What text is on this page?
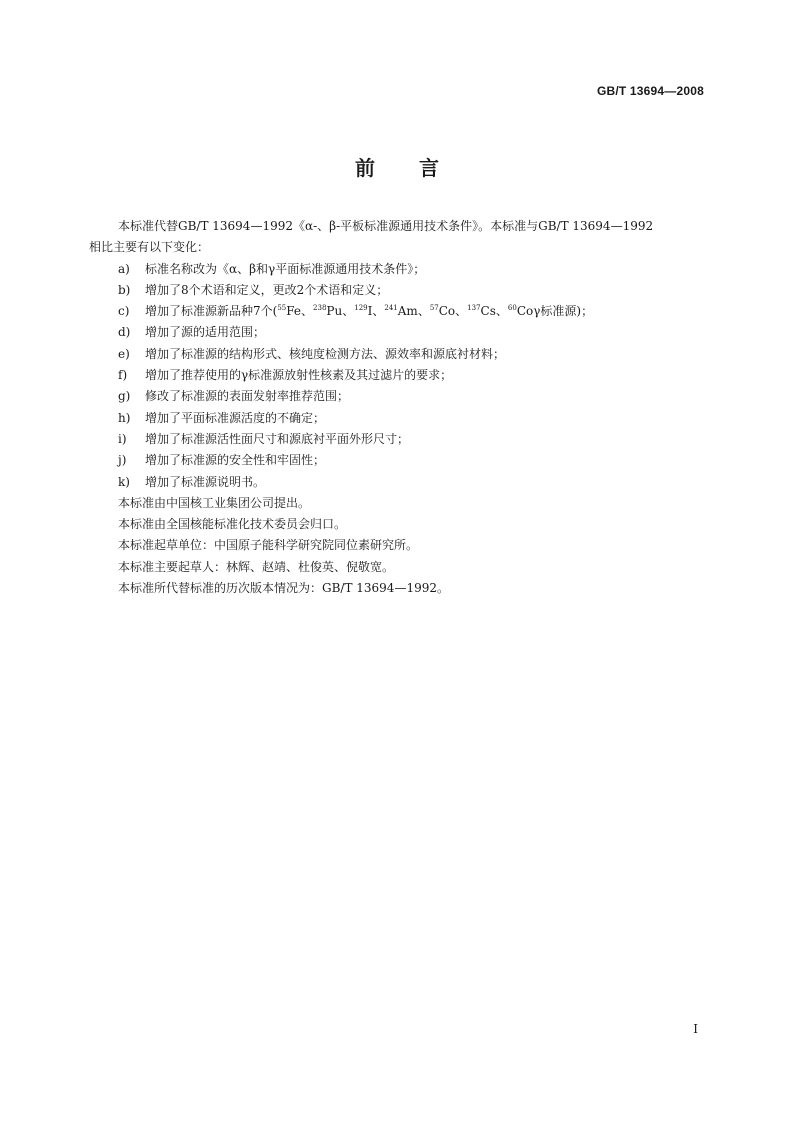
GB/T 13694—2008
前 言

本标准代替GB/T 13694—1992《α-、β-平板标准源通用技术条件》。本标准与GB/T 13694—1992

相比主要有以下变化：

a) 标准名称改为《α、β和γ平面标准源通用技术条件》；

b) 增加了8个术语和定义，更改2个术语和定义；

c) 增加了标准源新品种7个($^{55}$Fe、$^{238}$Pu、$^{129}$I、$^{241}$Am、$^{57}$Co、$^{137}$Cs、$^{60}$Coγ标准源)；

d) 增加了源的适用范围；

e) 增加了标准源的结构形式、核纯度检测方法、源效率和源底衬材料；

f) 增加了推荐使用的γ标准源放射性核素及其过滤片的要求；

g) 修改了标准源的表面发射率推荐范围；

h) 增加了平面标准源活度的不确定；

i) 增加了标准源活性面尺寸和源底衬平面外形尺寸；

j) 增加了标准源的安全性和牢固性；

k) 增加了标准源说明书。

本标准由中国核工业集团公司提出。

本标准由全国核能标准化技术委员会归口。

本标准起草单位：中国原子能科学研究院同位素研究所。

本标准主要起草人：林辉、赵靖、杜俊英、倪敬宽。

本标准所代替标准的历次版本情况为：GB/T 13694—1992。

I
